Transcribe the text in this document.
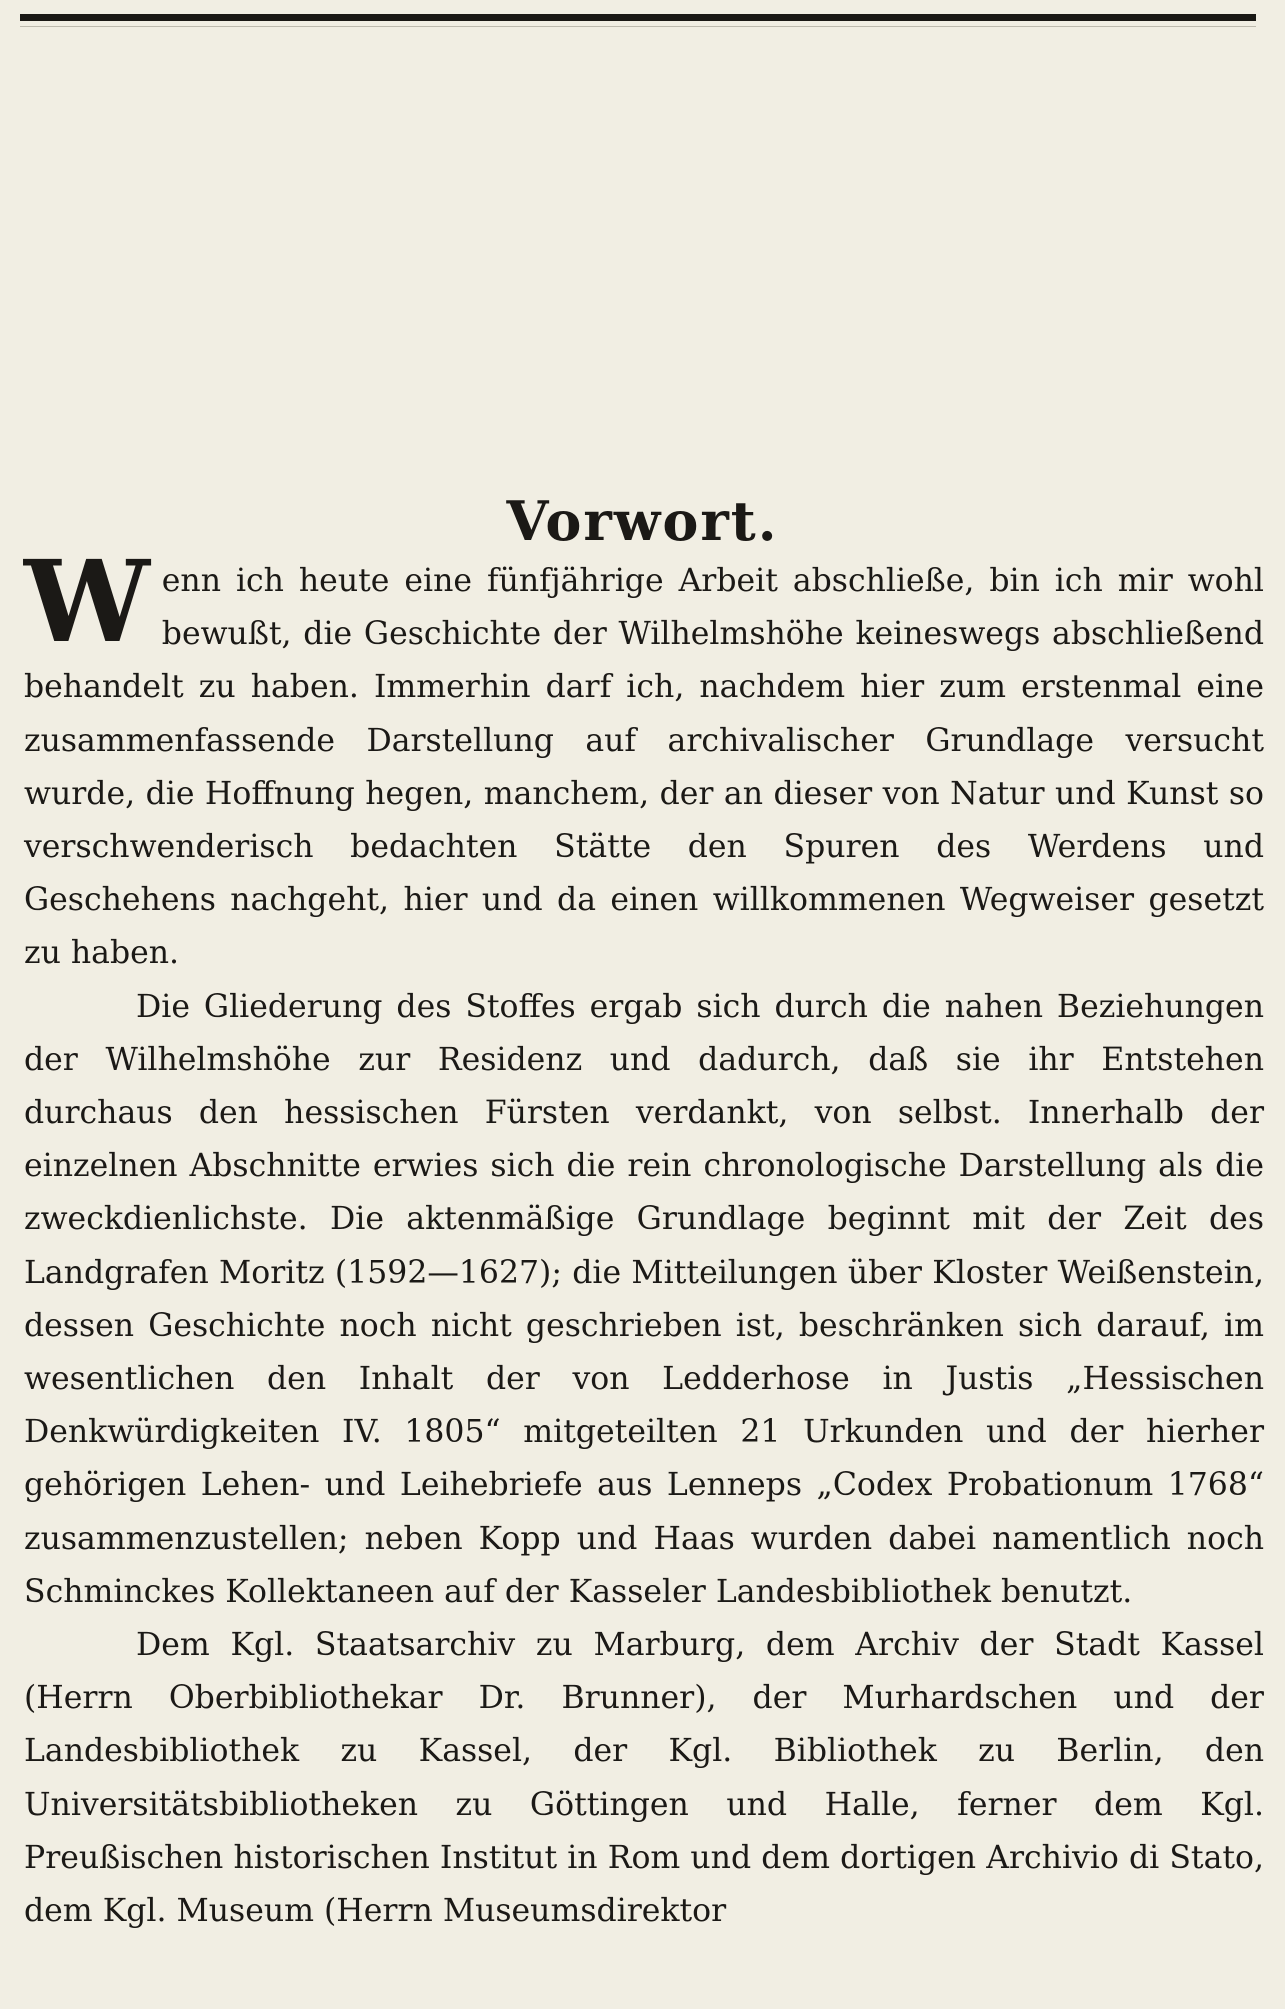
Vorwort.

Wenn ich heute eine fünfjährige Arbeit abschließe, bin ich mir wohl bewußt, die Geschichte der Wilhelmshöhe keineswegs abschließend behandelt zu haben. Immerhin darf ich, nachdem hier zum erstenmal eine zusammenfassende Darstellung auf archivalischer Grundlage versucht wurde, die Hoffnung hegen, manchem, der an dieser von Natur und Kunst so verschwenderisch bedachten Stätte den Spuren des Werdens und Geschehens nachgeht, hier und da einen willkommenen Wegweiser gesetzt zu haben.

Die Gliederung des Stoffes ergab sich durch die nahen Beziehungen der Wilhelmshöhe zur Residenz und dadurch, daß sie ihr Entstehen durchaus den hessischen Fürsten verdankt, von selbst. Innerhalb der einzelnen Abschnitte erwies sich die rein chronologische Darstellung als die zweckdienlichste. Die aktenmäßige Grundlage beginnt mit der Zeit des Landgrafen Moritz (1592—1627); die Mitteilungen über Kloster Weißenstein, dessen Geschichte noch nicht geschrieben ist, beschränken sich darauf, im wesentlichen den Inhalt der von Ledderhose in Justis „Hessischen Denkwürdigkeiten IV. 1805“ mitgeteilten 21 Urkunden und der hierher gehörigen Lehen- und Leihebriefe aus Lenneps „Codex Probationum 1768“ zusammenzustellen; neben Kopp und Haas wurden dabei namentlich noch Schminckes Kollektaneen auf der Kasseler Landesbibliothek benutzt.

Dem Kgl. Staatsarchiv zu Marburg, dem Archiv der Stadt Kassel (Herrn Oberbibliothekar Dr. Brunner), der Murhardschen und der Landesbibliothek zu Kassel, der Kgl. Bibliothek zu Berlin, den Universitätsbibliotheken zu Göttingen und Halle, ferner dem Kgl. Preußischen historischen Institut in Rom und dem dortigen Archivio di Stato, dem Kgl. Museum (Herrn Museumsdirektor
